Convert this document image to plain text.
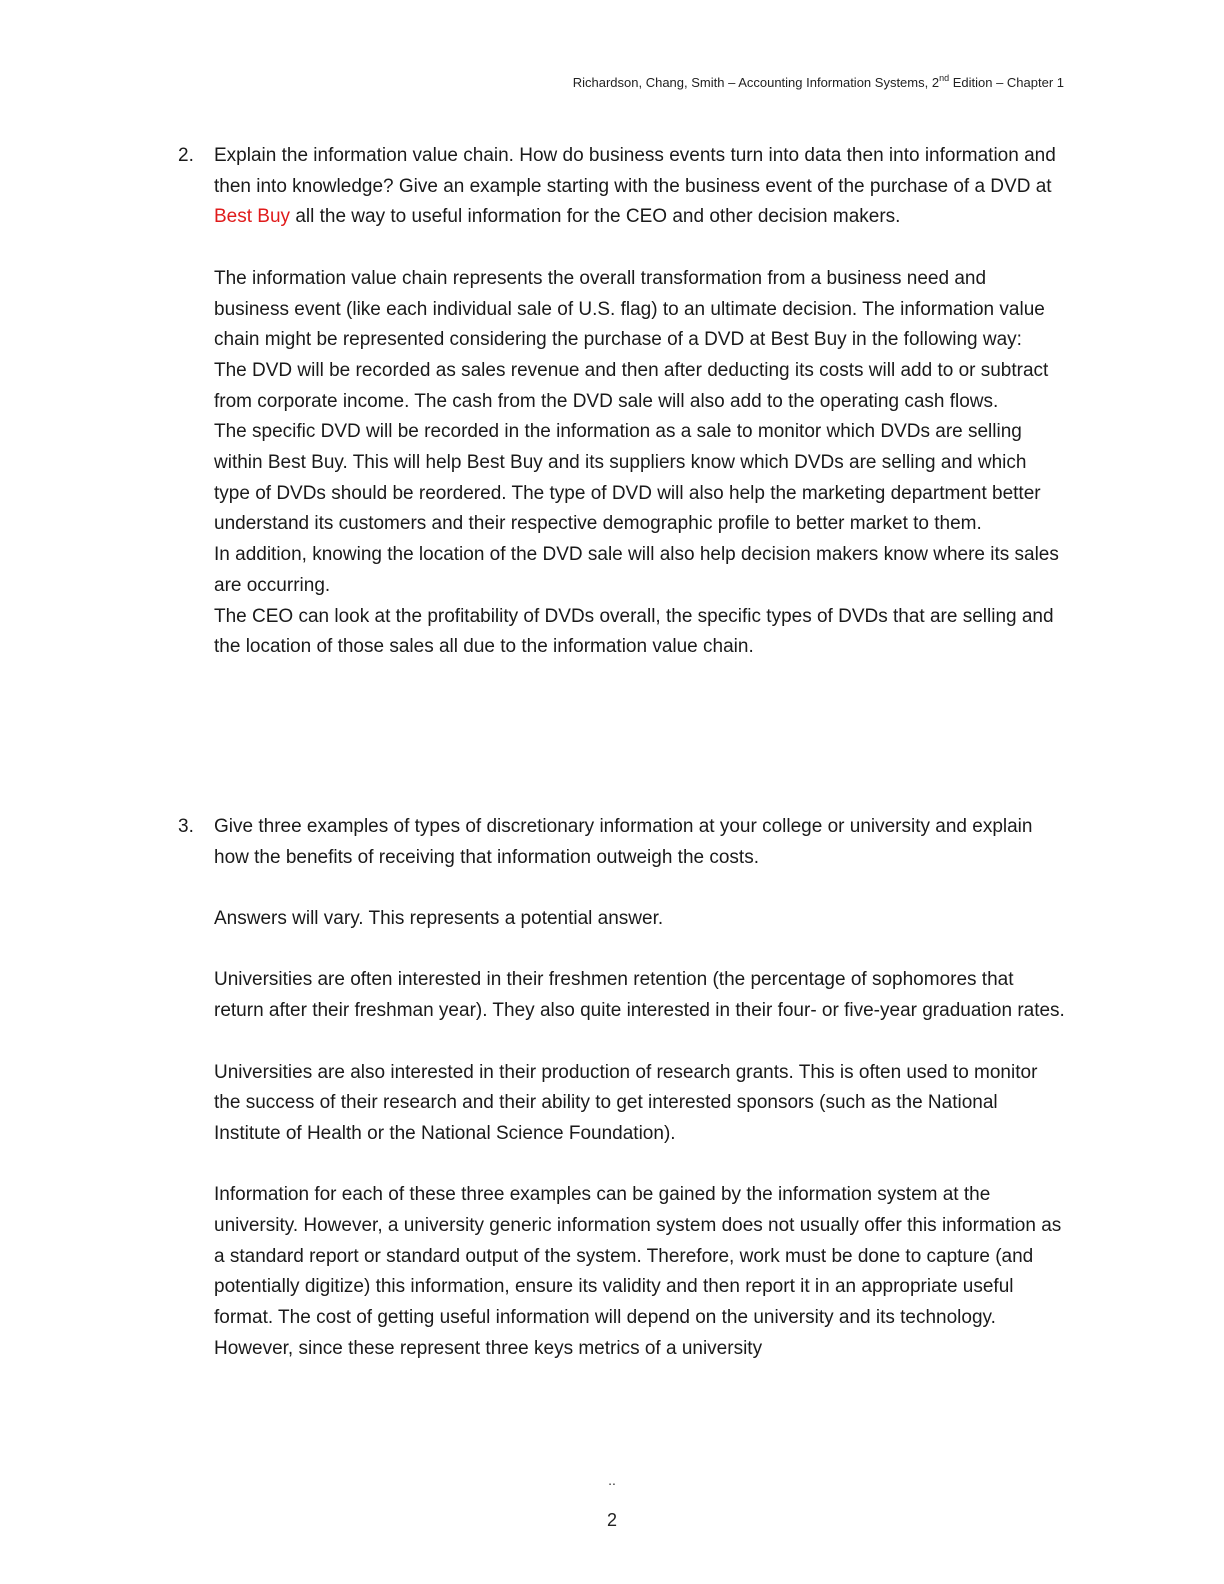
Richardson, Chang, Smith – Accounting Information Systems, 2nd Edition – Chapter 1
2. Explain the information value chain. How do business events turn into data then into information and then into knowledge? Give an example starting with the business event of the purchase of a DVD at Best Buy all the way to useful information for the CEO and other decision makers.

The information value chain represents the overall transformation from a business need and business event (like each individual sale of U.S. flag) to an ultimate decision. The information value chain might be represented considering the purchase of a DVD at Best Buy in the following way:

The DVD will be recorded as sales revenue and then after deducting its costs will add to or subtract from corporate income. The cash from the DVD sale will also add to the operating cash flows.

The specific DVD will be recorded in the information as a sale to monitor which DVDs are selling within Best Buy. This will help Best Buy and its suppliers know which DVDs are selling and which type of DVDs should be reordered. The type of DVD will also help the marketing department better understand its customers and their respective demographic profile to better market to them.

In addition, knowing the location of the DVD sale will also help decision makers know where its sales are occurring.

The CEO can look at the profitability of DVDs overall, the specific types of DVDs that are selling and the location of those sales all due to the information value chain.

3. Give three examples of types of discretionary information at your college or university and explain how the benefits of receiving that information outweigh the costs.

Answers will vary. This represents a potential answer.

Universities are often interested in their freshmen retention (the percentage of sophomores that return after their freshman year). They also quite interested in their four- or five-year graduation rates.

Universities are also interested in their production of research grants. This is often used to monitor the success of their research and their ability to get interested sponsors (such as the National Institute of Health or the National Science Foundation).

Information for each of these three examples can be gained by the information system at the university. However, a university generic information system does not usually offer this information as a standard report or standard output of the system. Therefore, work must be done to capture (and potentially digitize) this information, ensure its validity and then report it in an appropriate useful format. The cost of getting useful information will depend on the university and its technology. However, since these represent three keys metrics of a university

..
2
